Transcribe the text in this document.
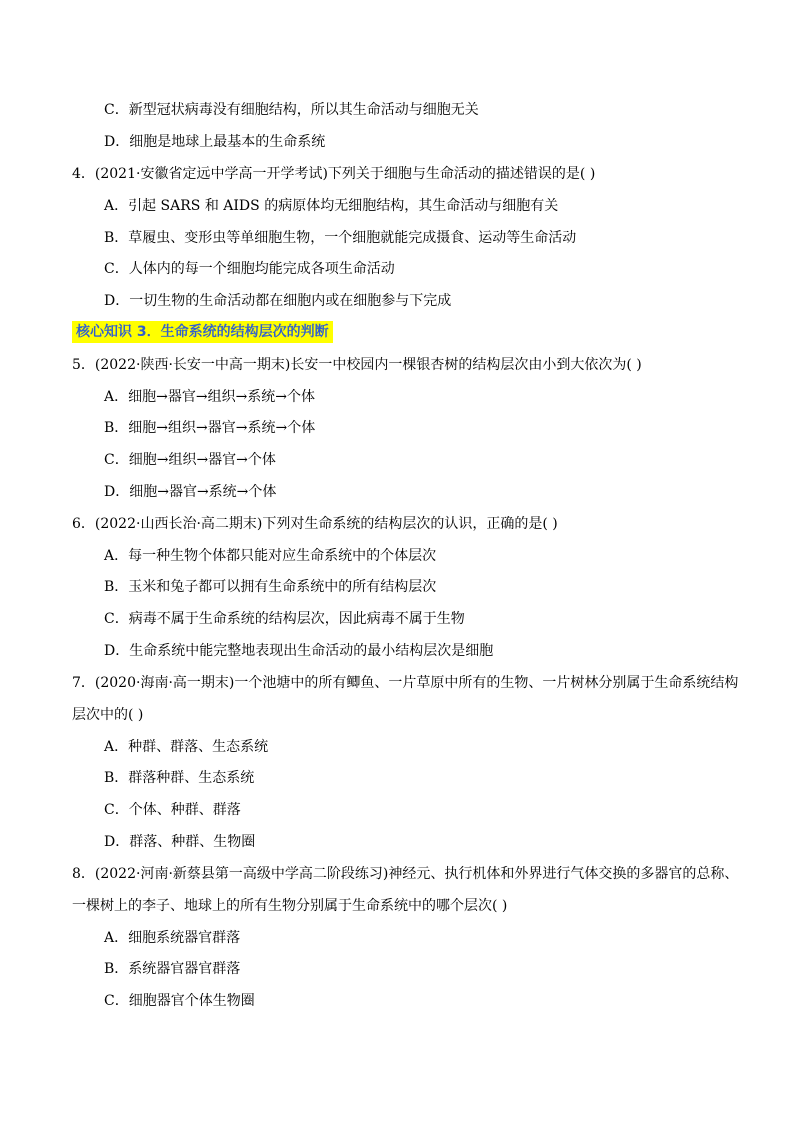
C．新型冠状病毒没有细胞结构，所以其生命活动与细胞无关
D．细胞是地球上最基本的生命系统
4．(2021·安徽省定远中学高一开学考试)下列关于细胞与生命活动的描述错误的是( )
A．引起 SARS 和 AIDS 的病原体均无细胞结构，其生命活动与细胞有关
B．草履虫、变形虫等单细胞生物，一个细胞就能完成摄食、运动等生命活动
C．人体内的每一个细胞均能完成各项生命活动
D．一切生物的生命活动都在细胞内或在细胞参与下完成
核心知识 3．生命系统的结构层次的判断
5．(2022·陕西·长安一中高一期末)长安一中校园内一棵银杏树的结构层次由小到大依次为( )
A．细胞→器官→组织→系统→个体
B．细胞→组织→器官→系统→个体
C．细胞→组织→器官→个体
D．细胞→器官→系统→个体
6．(2022·山西长治·高二期末)下列对生命系统的结构层次的认识，正确的是( )
A．每一种生物个体都只能对应生命系统中的个体层次
B．玉米和兔子都可以拥有生命系统中的所有结构层次
C．病毒不属于生命系统的结构层次，因此病毒不属于生物
D．生命系统中能完整地表现出生命活动的最小结构层次是细胞
7．(2020·海南·高一期末)一个池塘中的所有鲫鱼、一片草原中所有的生物、一片树林分别属于生命系统结构
层次中的( )
A．种群、群落、生态系统
B．群落种群、生态系统
C．个体、种群、群落
D．群落、种群、生物圈
8．(2022·河南·新蔡县第一高级中学高二阶段练习)神经元、执行机体和外界进行气体交换的多器官的总称、
一棵树上的李子、地球上的所有生物分别属于生命系统中的哪个层次( )
A．细胞系统器官群落
B．系统器官器官群落
C．细胞器官个体生物圈
